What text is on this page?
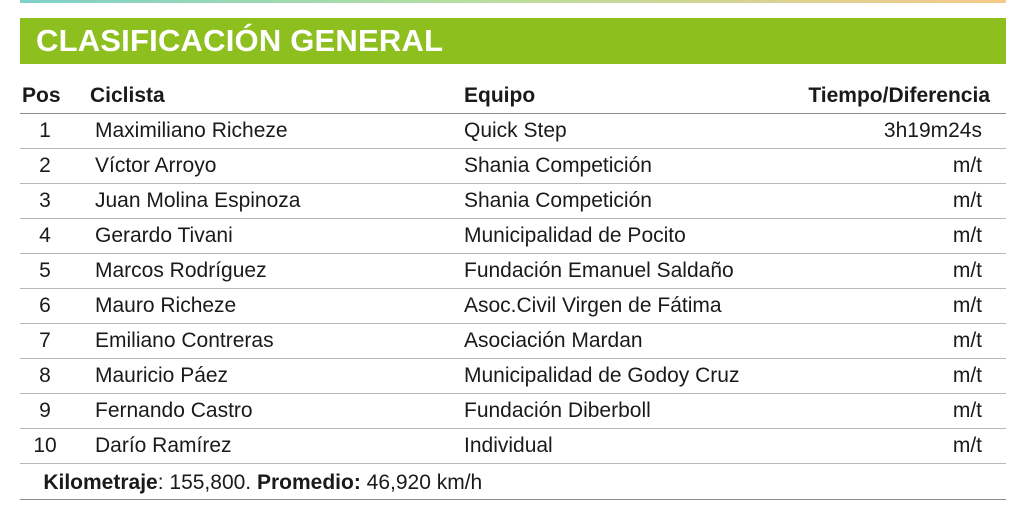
CLASIFICACIÓN GENERAL
Pos Ciclista	Equipo	Tiempo/Diferencia
1	Maximiliano Richeze	Quick Step	3h19m24s
2	Víctor Arroyo	Shania Competición	m/t
3	Juan Molina Espinoza	Shania Competición	m/t
4	Gerardo Tivani	Municipalidad de Pocito	m/t
5	Marcos Rodríguez	Fundación Emanuel Saldaño	m/t
6	Mauro Richeze	Asoc.Civil Virgen de Fátima	m/t
7	Emiliano Contreras	Asociación Mardan	m/t
8	Mauricio Páez	Municipalidad de Godoy Cruz	m/t
9	Fernando Castro	Fundación Diberboll	m/t
10	Darío Ramírez	Individual	m/t

Kilometraje: 155,800. Promedio: 46,920 km/h
